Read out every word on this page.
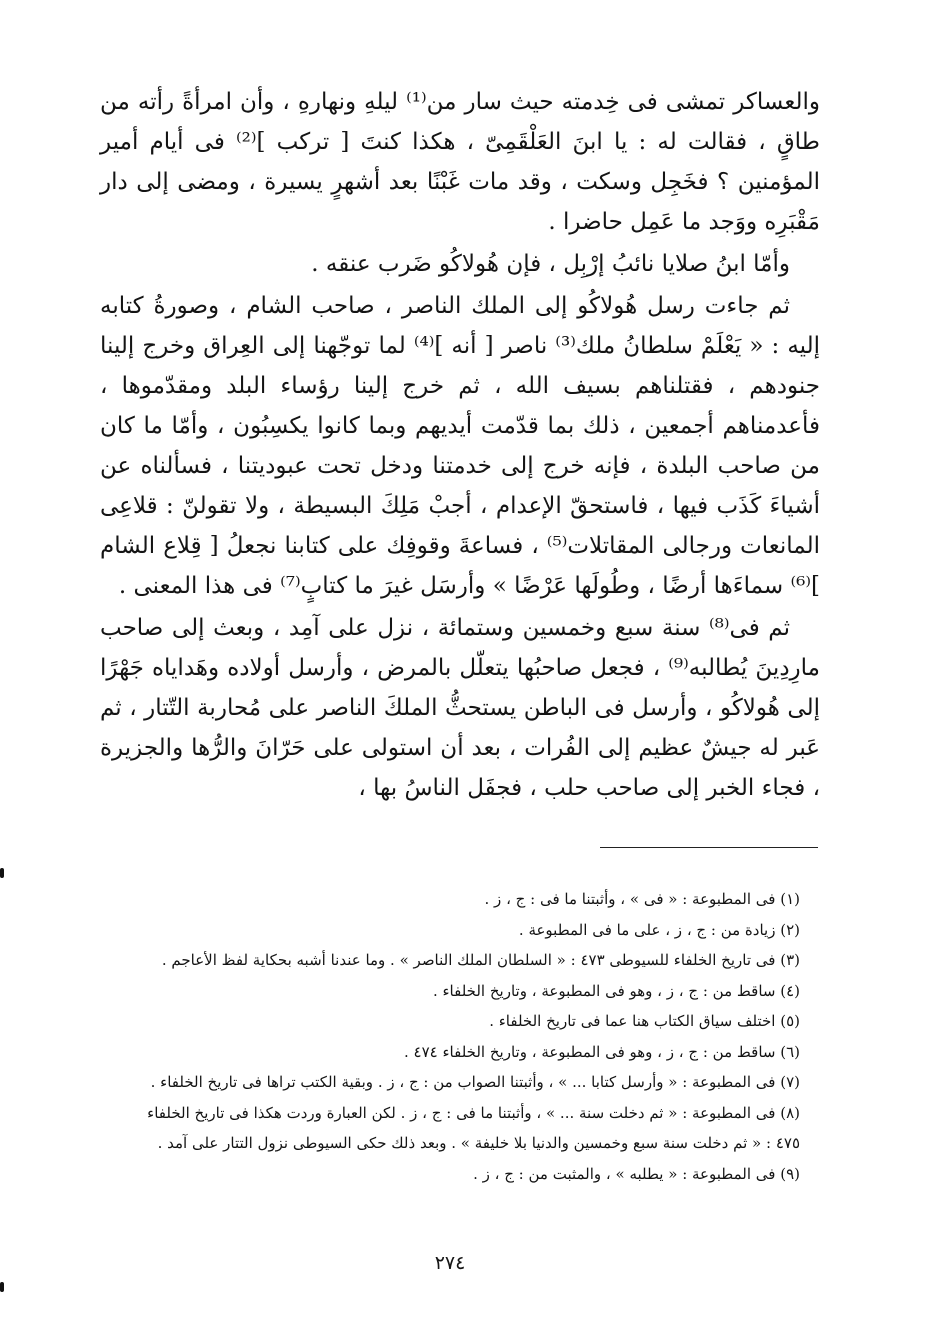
والعساكر تمشى فى خِدمته حيث سار من⁽¹⁾ ليلهِ ونهارهِ ، وأن امرأةً رأته من طاقٍ ، فقالت له : يا ابنَ العَلْقَمِىّ ، هكذا كنتَ [ تركب ]⁽²⁾ فى أيام أمير المؤمنين ؟ فخَجِل وسكت ، وقد مات غَبْنًا بعد أشهرٍ يسيرة ، ومضى إلى دار مَقْبَرِه ووَجد ما عَمِل حاضرا .

وأمّا ابنُ صلايا نائبُ إرْبِل ، فإن هُولاكُو ضَرب عنقه .

ثم جاءت رسل هُولاكُو إلى الملك الناصر ، صاحب الشام ، وصورةُ كتابه إليه : « يَعْلَمْ سلطانُ ملك⁽³⁾ ناصر [ أنه ]⁽⁴⁾ لما توجّهنا إلى العِراق وخرج إلينا جنودهم ، فقتلناهم بسيف الله ، ثم خرج إلينا رؤساء البلد ومقدّموها ، فأعدمناهم أجمعين ، ذلك بما قدّمت أيديهم وبما كانوا يكسِبُون ، وأمّا ما كان من صاحب البلدة ، فإنه خرج إلى خدمتنا ودخل تحت عبوديتنا ، فسألناه عن أشياءَ كَذَب فيها ، فاستحقّ الإعدام ، أجبْ مَلِكَ البسيطة ، ولا تقولنّ : قلاعِى المانعات ورجالى المقاتلات⁽⁵⁾ ، فساعةَ وقوفِك على كتابنا نجعلُ [ قِلاع الشام ]⁽⁶⁾ سماءَها أرضًا ، وطُولَها عَرْضًا » وأرسَل غيرَ ما كتابٍ⁽⁷⁾ فى هذا المعنى .

ثم فى⁽⁸⁾ سنة سبع وخمسين وستمائة ، نزل على آمِد ، وبعث إلى صاحب مارِدِينَ يُطالبه⁽⁹⁾ ، فجعل صاحبُها يتعلّل بالمرض ، وأرسل أولاده وهَداياه جَهْرًا إلى هُولاكُو ، وأرسل فى الباطن يستحثُّ الملكَ الناصر على مُحاربة التّتار ، ثم عَبر له جيشٌ عظيم إلى الفُرات ، بعد أن استولى على حَرّانَ والرُّها والجزيرة ، فجاء الخبر إلى صاحب حلب ، فجفَل الناسُ بها ،

(١) فى المطبوعة : « فى » ، وأثبتنا ما فى : ج ، ز .

(٢) زيادة من : ج ، ز ، على ما فى المطبوعة .

(٣) فى تاريخ الخلفاء للسيوطى ٤٧٣ : « السلطان الملك الناصر » . وما عندنا أشبه بحكاية لفظ الأعاجم .

(٤) ساقط من : ج ، ز ، وهو فى المطبوعة ، وتاريخ الخلفاء .

(٥) اختلف سياق الكتاب هنا عما فى تاريخ الخلفاء .

(٦) ساقط من : ج ، ز ، وهو فى المطبوعة ، وتاريخ الخلفاء ٤٧٤ .

(٧) فى المطبوعة : « وأرسل كتابا ... » ، وأثبتنا الصواب من : ج ، ز . وبقية الكتب تراها فى تاريخ الخلفاء .

(٨) فى المطبوعة : « ثم دخلت سنة ... » ، وأثبتنا ما فى : ج ، ز . لكن العبارة وردت هكذا فى تاريخ الخلفاء

٤٧٥ : « ثم دخلت سنة سبع وخمسين والدنيا بلا خليفة » . وبعد ذلك حكى السيوطى نزول التتار على آمد .

(٩) فى المطبوعة : « يطلبه » ، والمثبت من : ج ، ز .

٢٧٤
